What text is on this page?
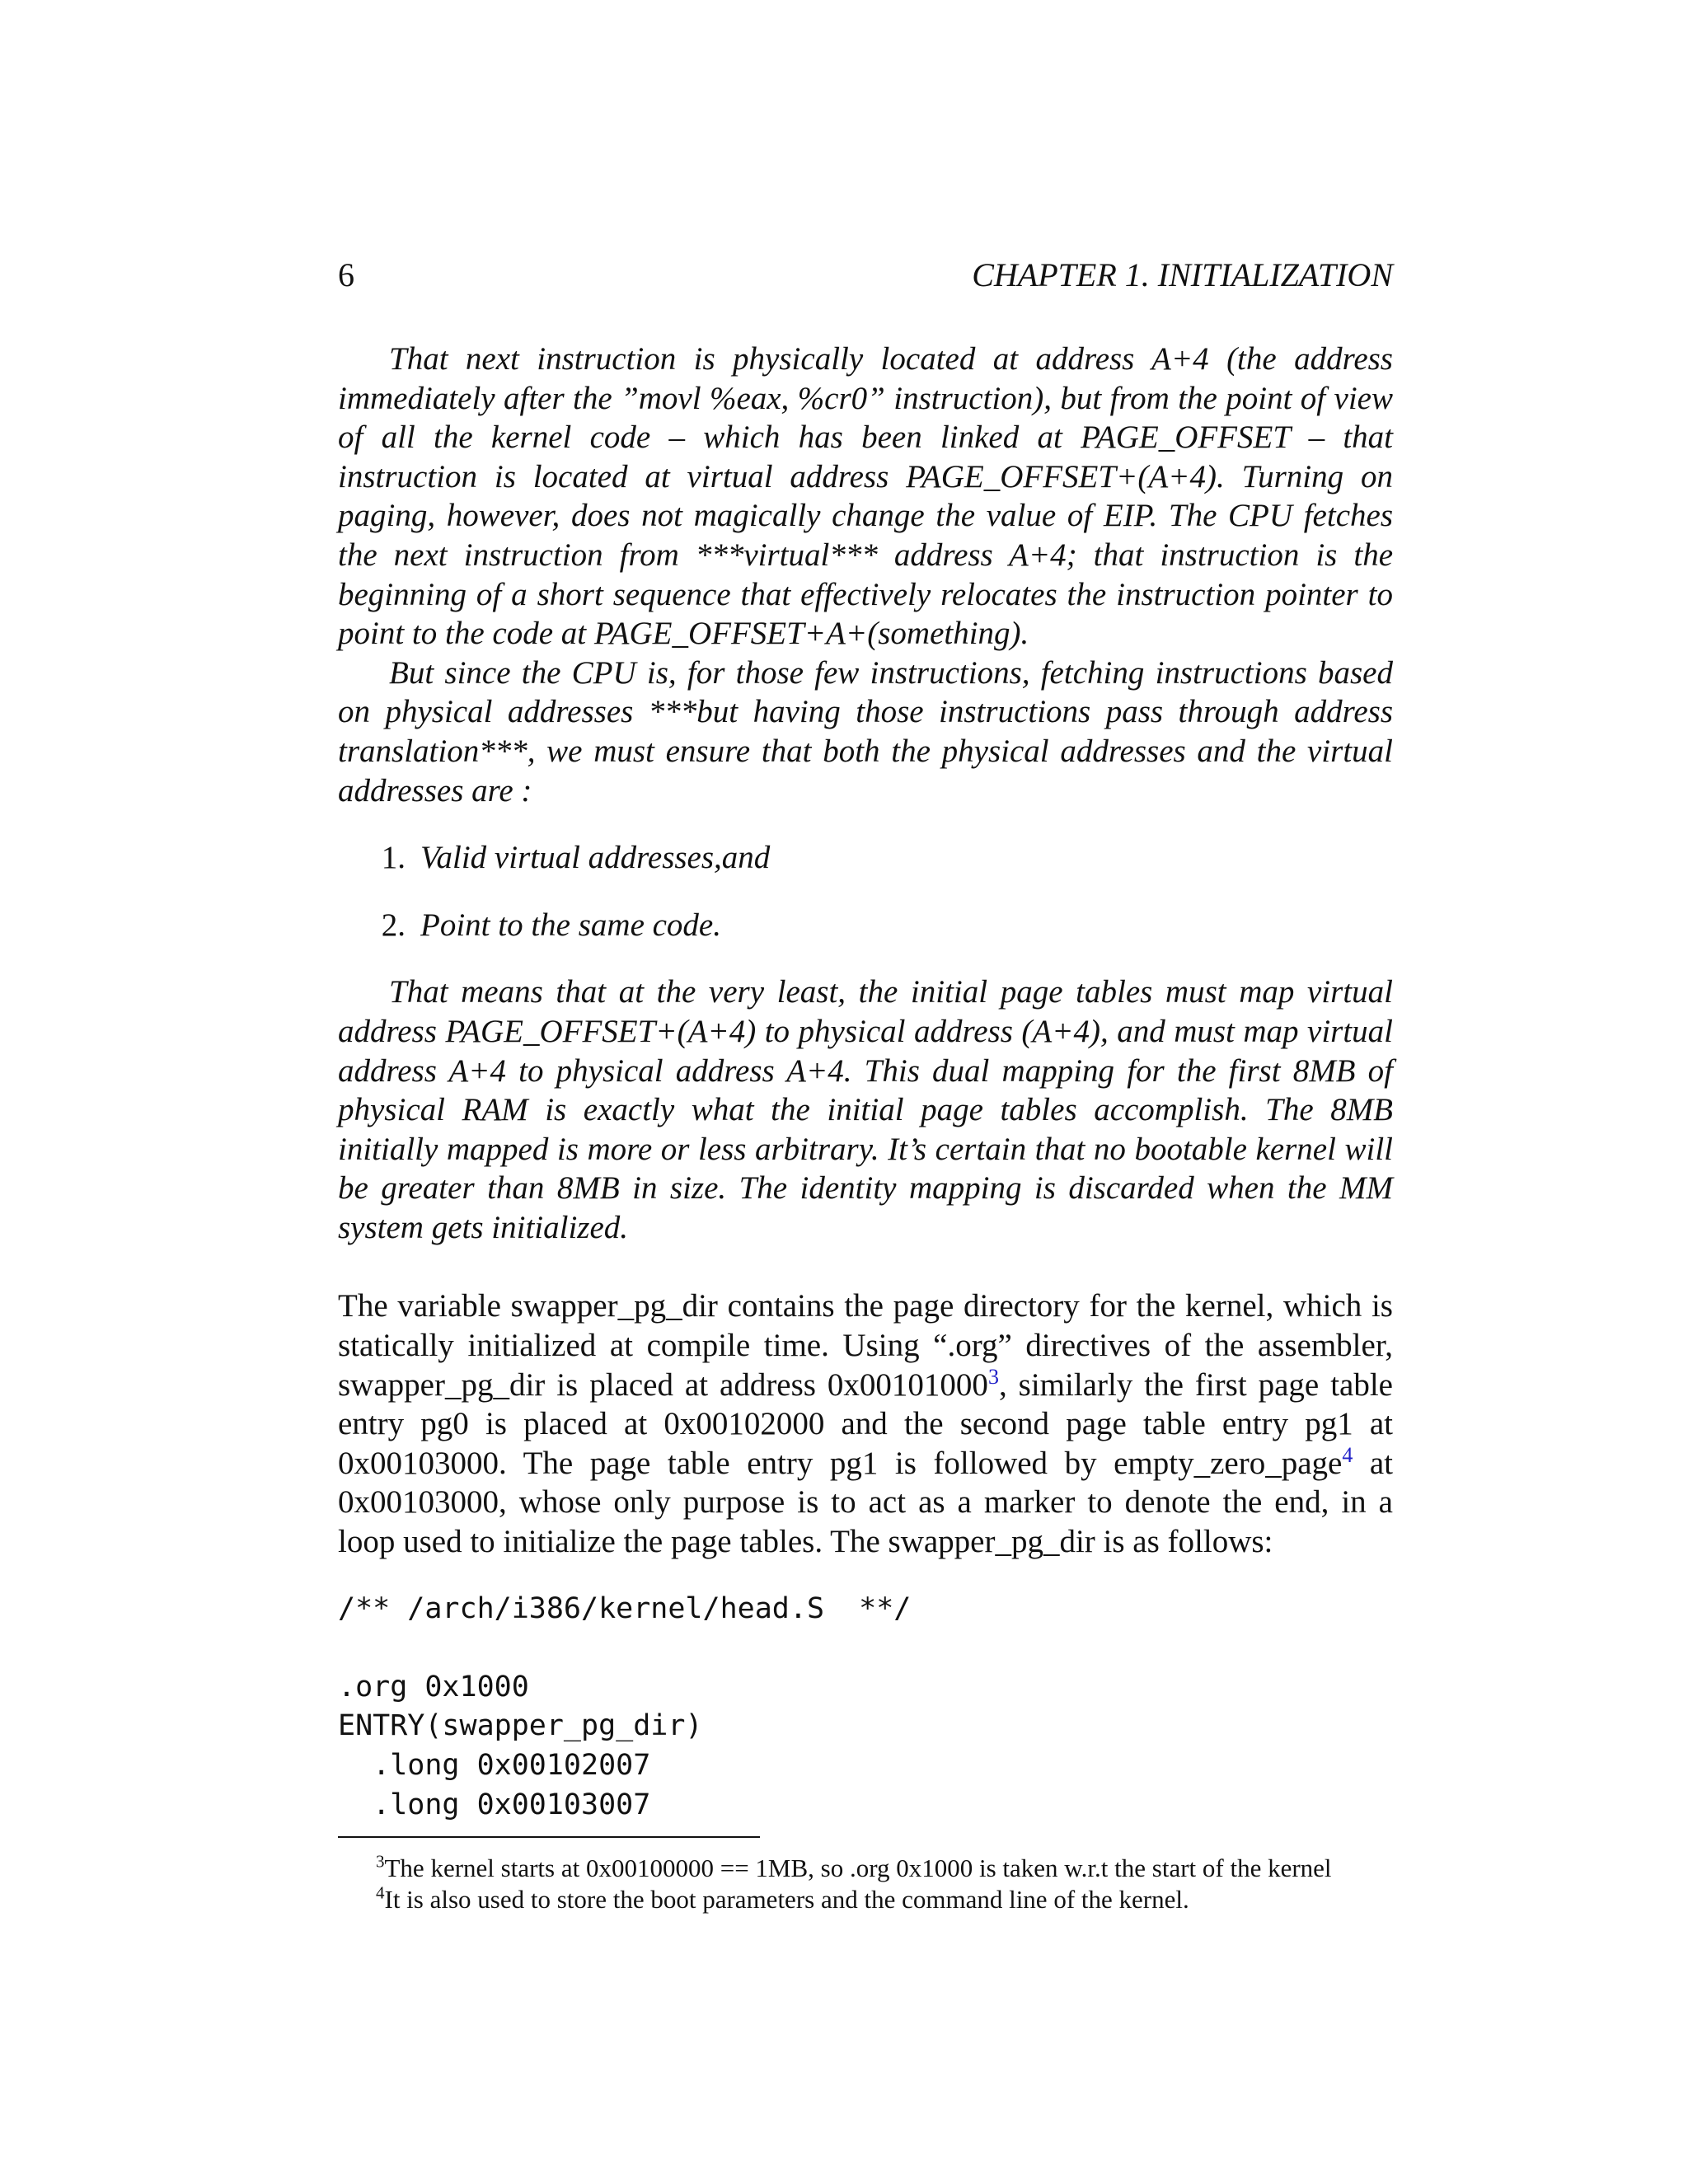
6	CHAPTER 1. INITIALIZATION

That next instruction is physically located at address A+4 (the address immediately after the ”movl %eax, %cr0” instruction), but from the point of view of all the kernel code – which has been linked at PAGE_OFFSET – that instruction is located at virtual address PAGE_OFFSET+(A+4). Turning on paging, however, does not magically change the value of EIP. The CPU fetches the next instruction from ***virtual*** address A+4; that instruction is the beginning of a short sequence that effectively relocates the instruction pointer to point to the code at PAGE_OFFSET+A+(something).

But since the CPU is, for those few instructions, fetching instructions based on physical addresses ***but having those instructions pass through address translation***, we must ensure that both the physical addresses and the virtual addresses are :

1. Valid virtual addresses,and
2. Point to the same code.

That means that at the very least, the initial page tables must map virtual address PAGE_OFFSET+(A+4) to physical address (A+4), and must map virtual address A+4 to physical address A+4. This dual mapping for the first 8MB of physical RAM is exactly what the initial page tables accomplish. The 8MB initially mapped is more or less arbitrary. It’s certain that no bootable kernel will be greater than 8MB in size. The identity mapping is discarded when the MM system gets initialized.

The variable swapper_pg_dir contains the page directory for the kernel, which is statically initialized at compile time. Using “.org” directives of the assembler, swapper_pg_dir is placed at address 0x00101000$^3$, similarly the first page table entry pg0 is placed at 0x00102000 and the second page table entry pg1 at 0x00103000. The page table entry pg1 is followed by empty_zero_page$^4$ at 0x00103000, whose only purpose is to act as a marker to denote the end, in a loop used to initialize the page tables. The swapper_pg_dir is as follows:

/** /arch/i386/kernel/head.S  **/
.org 0x1000
ENTRY(swapper_pg_dir)
.long 0x00102007
.long 0x00103007

$^3$The kernel starts at 0x00100000 == 1MB, so .org 0x1000 is taken w.r.t the start of the kernel

$^4$It is also used to store the boot parameters and the command line of the kernel.
